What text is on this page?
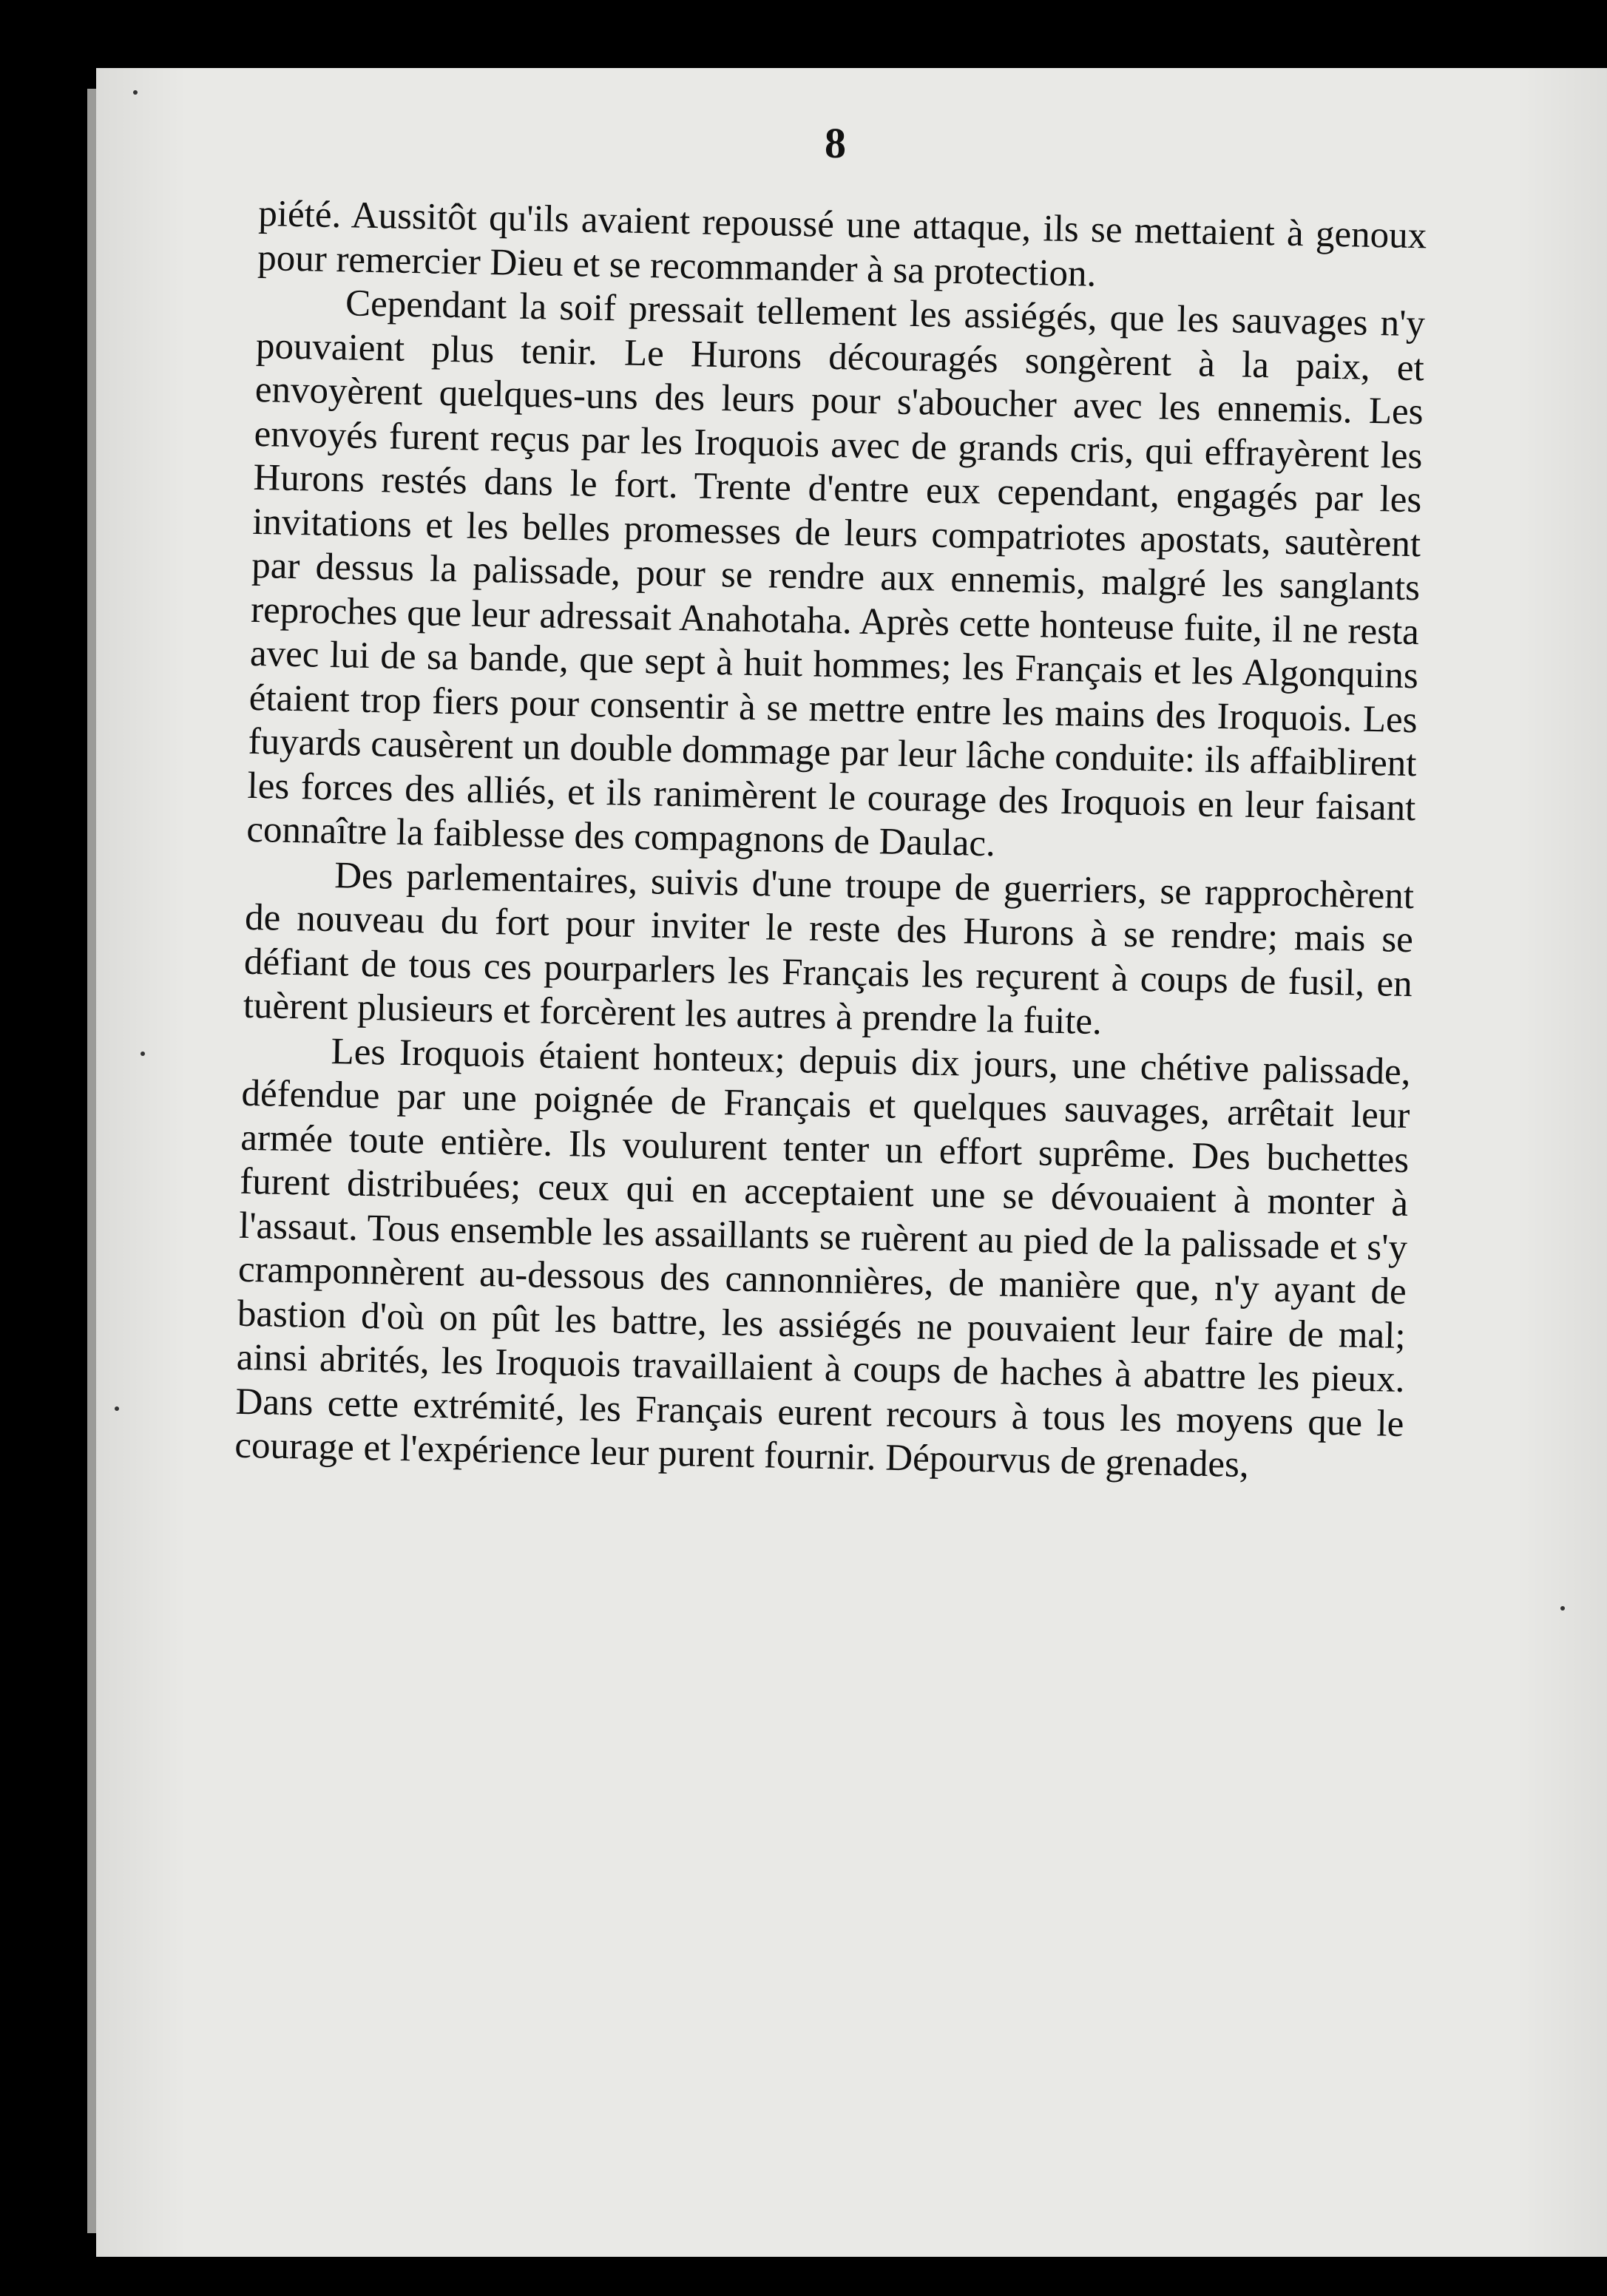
8

piété. Aussitôt qu'ils avaient repoussé une attaque, ils se mettaient à genoux pour remercier Dieu et se recommander à sa protection.

Cependant la soif pressait tellement les assiégés, que les sauvages n'y pouvaient plus tenir. Le Hurons découragés songèrent à la paix, et envoyèrent quelques-uns des leurs pour s'aboucher avec les ennemis. Les envoyés furent reçus par les Iroquois avec de grands cris, qui effrayèrent les Hurons restés dans le fort. Trente d'entre eux cependant, engagés par les invitations et les belles promesses de leurs compatriotes apostats, sautèrent par dessus la palissade, pour se rendre aux ennemis, malgré les sanglants reproches que leur adressait Anahotaha. Après cette honteuse fuite, il ne resta avec lui de sa bande, que sept à huit hommes; les Français et les Algonquins étaient trop fiers pour consentir à se mettre entre les mains des Iroquois. Les fuyards causèrent un double dommage par leur lâche conduite: ils affaiblirent les forces des alliés, et ils ranimèrent le courage des Iroquois en leur faisant connaître la faiblesse des compagnons de Daulac.

Des parlementaires, suivis d'une troupe de guerriers, se rapprochèrent de nouveau du fort pour inviter le reste des Hurons à se rendre; mais se défiant de tous ces pourparlers les Français les reçurent à coups de fusil, en tuèrent plusieurs et forcèrent les autres à prendre la fuite.

Les Iroquois étaient honteux; depuis dix jours, une chétive palissade, défendue par une poignée de Français et quelques sauvages, arrêtait leur armée toute entière. Ils voulurent tenter un effort suprême. Des buchettes furent distribuées; ceux qui en acceptaient une se dévouaient à monter à l'assaut. Tous ensemble les assaillants se ruèrent au pied de la palissade et s'y cramponnèrent au-dessous des cannonnières, de manière que, n'y ayant de bastion d'où on pût les battre, les assiégés ne pouvaient leur faire de mal; ainsi abrités, les Iroquois travaillaient à coups de haches à abattre les pieux. Dans cette extrémité, les Français eurent recours à tous les moyens que le courage et l'expérience leur purent fournir. Dépourvus de grenades,
